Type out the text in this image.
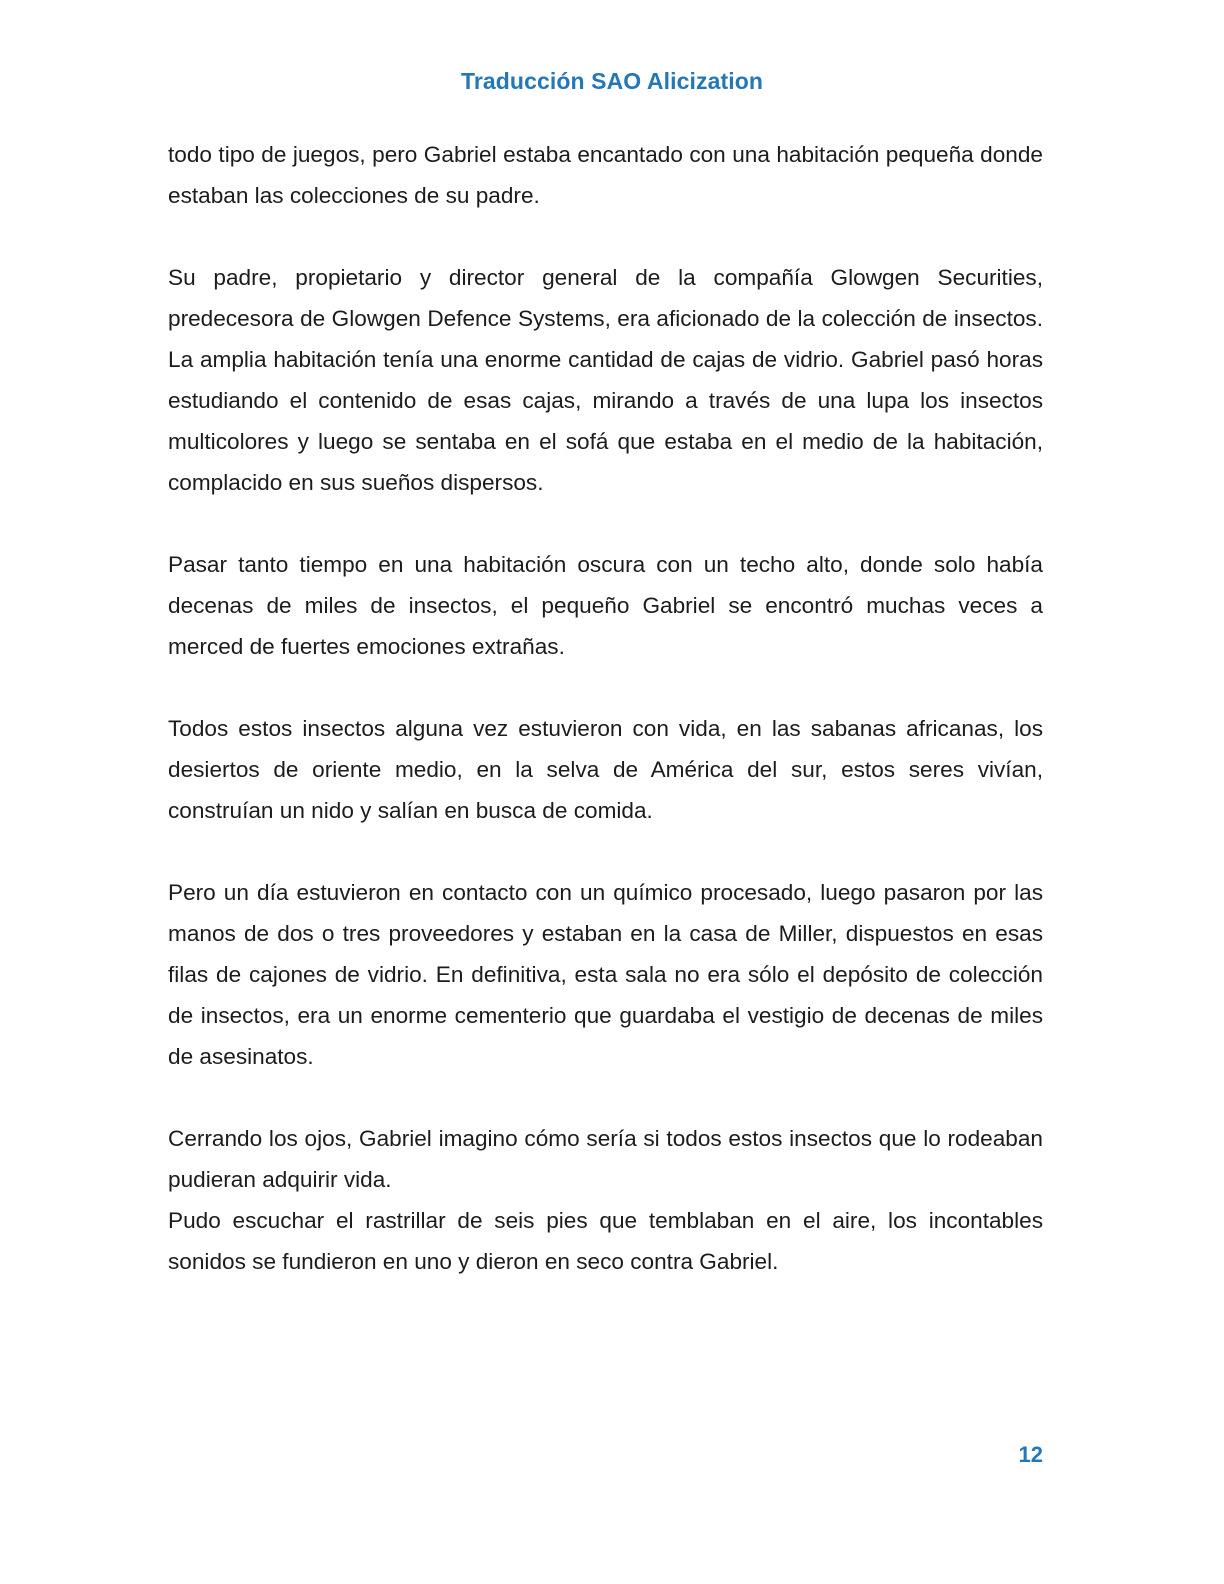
Traducción SAO Alicization

todo tipo de juegos, pero Gabriel estaba encantado con una habitación pequeña donde estaban las colecciones de su padre.

Su padre, propietario y director general de la compañía Glowgen Securities, predecesora de Glowgen Defence Systems, era aficionado de la colección de insectos. La amplia habitación tenía una enorme cantidad de cajas de vidrio. Gabriel pasó horas estudiando el contenido de esas cajas, mirando a través de una lupa los insectos multicolores y luego se sentaba en el sofá que estaba en el medio de la habitación, complacido en sus sueños dispersos.

Pasar tanto tiempo en una habitación oscura con un techo alto, donde solo había decenas de miles de insectos, el pequeño Gabriel se encontró muchas veces a merced de fuertes emociones extrañas.

Todos estos insectos alguna vez estuvieron con vida, en las sabanas africanas, los desiertos de oriente medio, en la selva de América del sur, estos seres vivían, construían un nido y salían en busca de comida.

Pero un día estuvieron en contacto con un químico procesado, luego pasaron por las manos de dos o tres proveedores y estaban en la casa de Miller, dispuestos en esas filas de cajones de vidrio. En definitiva, esta sala no era sólo el depósito de colección de insectos, era un enorme cementerio que guardaba el vestigio de decenas de miles de asesinatos.

Cerrando los ojos, Gabriel imagino cómo sería si todos estos insectos que lo rodeaban pudieran adquirir vida.

Pudo escuchar el rastrillar de seis pies que temblaban en el aire, los incontables sonidos se fundieron en uno y dieron en seco contra Gabriel.

12
